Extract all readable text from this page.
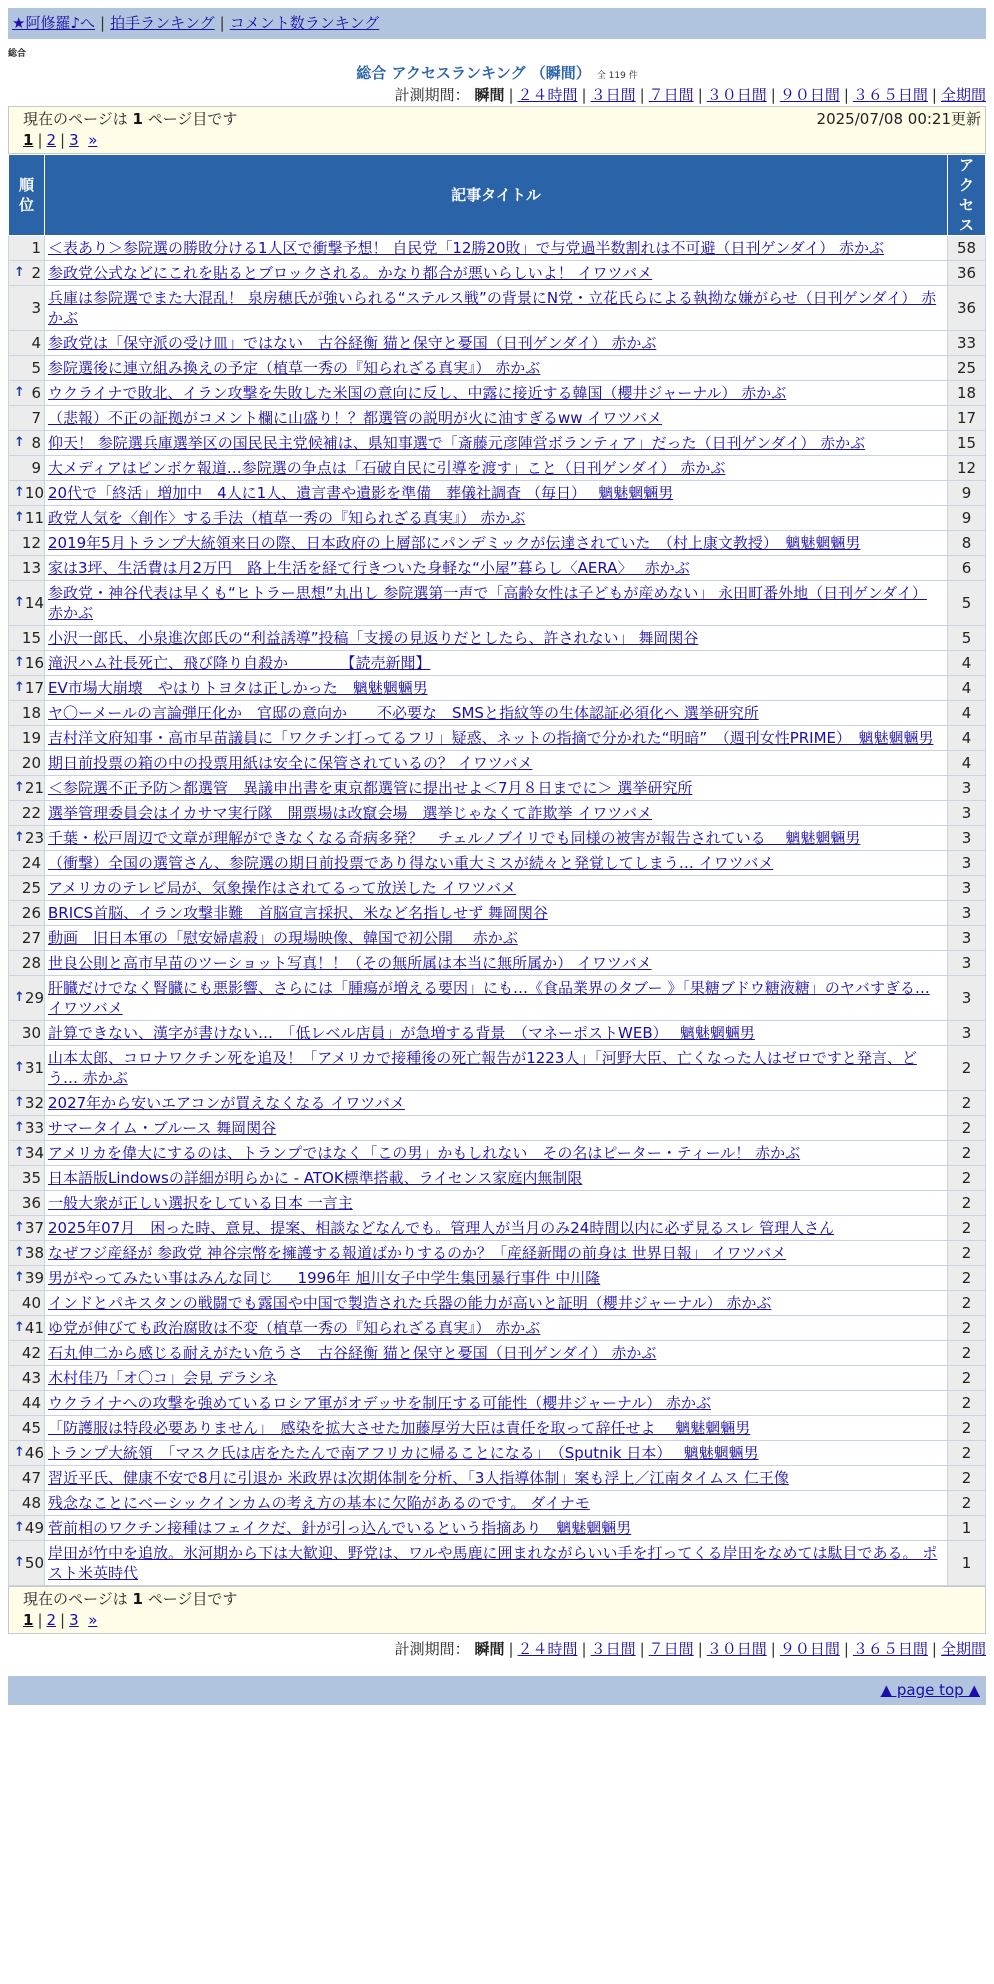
★阿修羅♪へ | 拍手ランキング | コメント数ランキング
総合
総合 アクセスランキング （瞬間） 全 119 件
計測期間： 瞬間 | ２４時間 | ３日間 | ７日間 | ３０日間 | ９０日間 | ３６５日間 | 全期間
現在のページは 1 ページ目です	2025/07/08 00:21更新
1 | 2 | 3 »
順位	記事タイトル	アクセス
1	＜表あり＞参院選の勝敗分ける1人区で衝撃予想！ 自民党「12勝20敗」で与党過半数割れは不可避（日刊ゲンダイ） 赤かぶ	58

↑ 2	参政党公式などにこれを貼るとブロックされる。かなり都合が悪いらしいよ！ イワツバメ	36
3	兵庫は参院選でまた大混乱！ 泉房穂氏が強いられる“ステルス戦”の背景にN党・立花氏らによる執拗な嫌がらせ（日刊ゲンダイ） 赤かぶ	36
4	参政党は「保守派の受け皿」ではない　古谷経衡 猫と保守と憂国（日刊ゲンダイ） 赤かぶ	33
5	参院選後に連立組み換えの予定（植草一秀の『知られざる真実』） 赤かぶ	25

↑ 6	ウクライナで敗北、イラン攻撃を失敗した米国の意向に反し、中露に接近する韓国（櫻井ジャーナル） 赤かぶ	18
7	（悲報）不正の証拠がコメント欄に山盛り！？都選管の説明が火に油すぎるww イワツバメ	17

↑ 8	仰天！ 参院選兵庫選挙区の国民民主党候補は、県知事選で「斎藤元彦陣営ボランティア」だった（日刊ゲンダイ） 赤かぶ	15
9	大メディアはピンボケ報道…参院選の争点は「石破自民に引導を渡す」こと（日刊ゲンダイ） 赤かぶ	12

↑ 10	20代で「終活」増加中　4人に1人、遺言書や遺影を準備　葬儀社調査 （毎日）　 魑魅魍魎男	9

↑ 11	政党人気を〈創作〉する手法（植草一秀の『知られざる真実』） 赤かぶ	9
12	2019年5月トランプ大統領来日の際、日本政府の上層部にパンデミックが伝達されていた　（村上康文教授）　魑魅魍魎男	8
13	家は3坪、生活費は月2万円　路上生活を経て行きついた身軽な“小屋”暮らし〈AERA〉　 赤かぶ	6

↑ 14	参政党・神谷代表は早くも“ヒトラー思想”丸出し 参院選第一声で「高齢女性は子どもが産めない」 永田町番外地（日刊ゲンダイ） 赤かぶ	5
15	小沢一郎氏、小泉進次郎氏の“利益誘導”投稿「支援の見返りだとしたら、許されない」 舞岡関谷	5

↑ 16	滝沢ハム社長死亡、飛び降り自殺か　　　　【読売新聞】	4

↑ 17	EV市場大崩壊　やはりトヨタは正しかった　魑魅魍魎男	4
18	ヤ〇ーメールの言論弾圧化か　官邸の意向か　　不必要な　SMSと指紋等の生体認証必須化へ 選挙研究所	4
19	吉村洋文府知事・高市早苗議員に「ワクチン打ってるフリ」疑惑、ネットの指摘で分かれた“明暗”　（週刊女性PRIME）　魑魅魍魎男	4
20	期日前投票の箱の中の投票用紙は安全に保管されているの？ イワツバメ	4

↑ 21	＜参院選不正予防＞都選管　異議申出書を東京都選管に提出せよ＜7月８日までに＞ 選挙研究所	3
22	選挙管理委員会はイカサマ実行隊　開票場は改竄会場　選挙じゃなくて詐欺挙 イワツバメ	3

↑ 23	千葉・松戸周辺で文章が理解ができなくなる奇病多発？　チェルノブイリでも同様の被害が報告されている　 魑魅魍魎男	3
24	（衝撃）全国の選管さん、参院選の期日前投票であり得ない重大ミスが続々と発覚してしまう… イワツバメ	3
25	アメリカのテレビ局が、気象操作はされてるって放送した イワツバメ	3
26	BRICS首脳、イラン攻撃非難　首脳宣言採択、米など名指しせず 舞岡関谷	3
27	動画　旧日本軍の「慰安婦虐殺」の現場映像、韓国で初公開　 赤かぶ	3
28	世良公則と高市早苗のツーショット写真！！（その無所属は本当に無所属か） イワツバメ	3

↑ 29	肝臓だけでなく腎臓にも悪影響、さらには「腫瘍が増える要因」にも…《食品業界のタブー 》「果糖ブドウ糖液糖」のヤバすぎる… イワツバメ	3
30	計算できない、漢字が書けない…　「低レベル店員」が急増する背景　（マネーポストWEB）　 魑魅魍魎男	3

↑ 31	山本太郎、コロナワクチン死を追及！「アメリカで接種後の死亡報告が1223人」「河野大臣、亡くなった人はゼロですと発言、どう… 赤かぶ	2

↑ 32	2027年から安いエアコンが買えなくなる イワツバメ	2

↑ 33	サマータイム・ブルース 舞岡関谷	2

↑ 34	アメリカを偉大にするのは、トランプではなく「この男」かもしれない　その名はピーター・ティール！ 赤かぶ	2
35	日本語版Lindowsの詳細が明らかに - ATOK標準搭載、ライセンス家庭内無制限	2
36	一般大衆が正しい選択をしている日本 一言主	2

↑ 37	2025年07月　困った時、意見、提案、相談などなんでも。管理人が当月のみ24時間以内に必ず見るスレ 管理人さん	2

↑ 38	なぜフジ産経が 参政党 神谷宗幣を擁護する報道ばかりするのか？「産経新聞の前身は 世界日報」 イワツバメ	2

↑ 39	男がやってみたい事はみんな同じ ＿ 1996年 旭川女子中学生集団暴行事件 中川隆	2
40	インドとパキスタンの戦闘でも露国や中国で製造された兵器の能力が高いと証明（櫻井ジャーナル） 赤かぶ	2

↑ 41	ゆ党が伸びても政治腐敗は不変（植草一秀の『知られざる真実』） 赤かぶ	2
42	石丸伸二から感じる耐えがたい危うさ　古谷経衡 猫と保守と憂国（日刊ゲンダイ） 赤かぶ	2
43	木村佳乃「オ〇コ」会見 デラシネ	2
44	ウクライナへの攻撃を強めているロシア軍がオデッサを制圧する可能性（櫻井ジャーナル） 赤かぶ	2
45	「防護服は特段必要ありません」　感染を拡大させた加藤厚労大臣は責任を取って辞任せよ　 魑魅魍魎男	2

↑ 46	トランプ大統領　「マスク氏は店をたたんで南アフリカに帰ることになる」　（Sputnik 日本）　 魑魅魍魎男	2
47	習近平氏、健康不安で8月に引退か 米政界は次期体制を分析、「3人指導体制」案も浮上／江南タイムス 仁王像	2
48	残念なことにベーシックインカムの考え方の基本に欠陥があるのです。 ダイナモ	2

↑ 49	菅前相のワクチン接種はフェイクだ、針が引っ込んでいるという指摘あり　魑魅魍魎男	1

↑ 50	岸田が竹中を追放。氷河期から下は大歓迎、野党は、ワルや馬鹿に囲まれながらいい手を打ってくる岸田をなめては駄目である。 ポスト米英時代	1
現在のページは 1 ページ目です
1 | 2 | 3 »
計測期間： 瞬間 | ２４時間 | ３日間 | ７日間 | ３０日間 | ９０日間 | ３６５日間 | 全期間
▲ page top ▲
